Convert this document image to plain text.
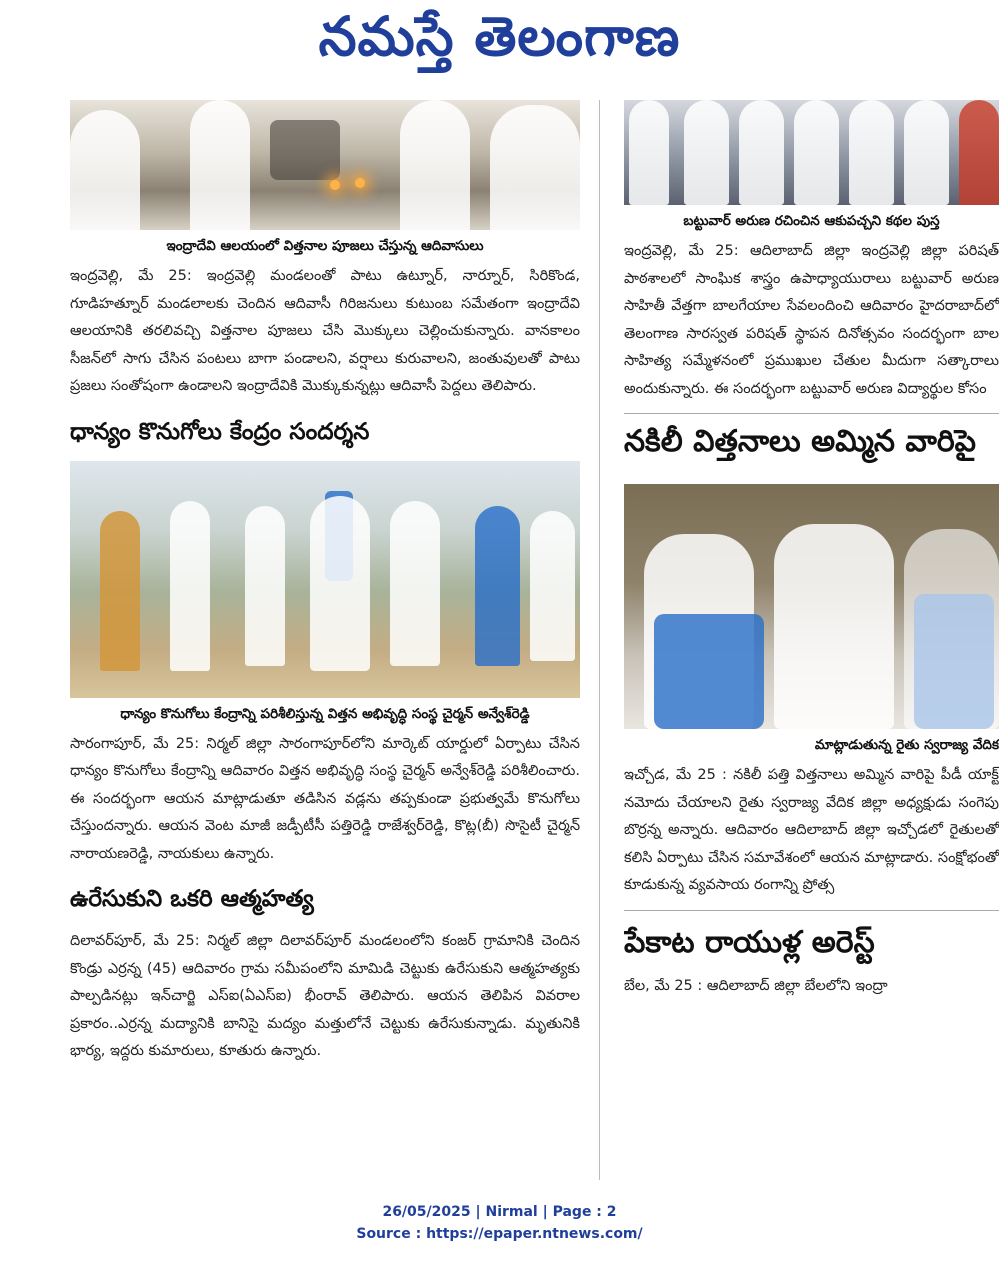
నమస్తే తెలంగాణ
ఇంద్రాదేవి ఆలయంలో విత్తనాల పూజలు చేస్తున్న ఆదివాసులు
ఇంద్రవెల్లి, మే 25: ఇంద్రవెల్లి మండలంతో పాటు ఉట్నూర్, నార్నూర్, సిరికొండ, గూడిహత్నూర్ మండలాలకు చెందిన ఆదివాసీ గిరిజనులు కుటుంబ సమేతంగా ఇంద్రాదేవి ఆలయానికి తరలివచ్చి విత్తనాల పూజలు చేసి మొక్కులు చెల్లించుకున్నారు. వానకాలం సీజన్‌లో సాగు చేసిన పంటలు బాగా పండాలని, వర్షాలు కురువాలని, జంతువులతో పాటు ప్రజలు సంతోషంగా ఉండాలని ఇంద్రాదేవికి మొక్కుకున్నట్లు ఆదివాసీ పెద్దలు తెలిపారు.
ధాన్యం కొనుగోలు కేంద్రం సందర్శన
ధాన్యం కొనుగోలు కేంద్రాన్ని పరిశీలిస్తున్న విత్తన అభివృద్ధి సంస్థ చైర్మన్ అన్వేశ్‌రెడ్డి
సారంగాపూర్, మే 25: నిర్మల్ జిల్లా సారంగాపూర్‌లోని మార్కెట్ యార్డులో ఏర్పాటు చేసిన ధాన్యం కొనుగోలు కేంద్రాన్ని ఆదివారం విత్తన అభివృద్ధి సంస్థ చైర్మన్ అన్వేశ్‌రెడ్డి పరిశీలించారు. ఈ సందర్భంగా ఆయన మాట్లాడుతూ తడిసిన వడ్లను తప్పకుండా ప్రభుత్వమే కొనుగోలు చేస్తుందన్నారు. ఆయన వెంట మాజీ జడ్పీటీసీ పత్తిరెడ్డి రాజేశ్వర్‌రెడ్డి, కొట్ల(బీ) సొసైటీ చైర్మన్ నారాయణరెడ్డి, నాయకులు ఉన్నారు.
ఉరేసుకుని ఒకరి ఆత్మహత్య
దిలావర్‌పూర్, మే 25: నిర్మల్ జిల్లా దిలావర్‌పూర్ మండలంలోని కంజర్ గ్రామానికి చెందిన కొండ్రు ఎర్రన్న (45) ఆదివారం గ్రామ సమీపంలోని మామిడి చెట్టుకు ఉరేసుకుని ఆత్మహత్యకు పాల్పడినట్లు ఇన్‌చార్జి ఎస్ఐ(ఏఎస్ఐ) భీంరావ్ తెలిపారు. ఆయన తెలిపిన వివరాల ప్రకారం..ఎర్రన్న మద్యానికి బానిసై మద్యం మత్తులోనే చెట్టుకు ఉరేసుకున్నాడు. మృతునికి భార్య, ఇద్దరు కుమారులు, కూతురు ఉన్నారు.
బట్టువార్ అరుణ రచించిన ఆకుపచ్చని కథల పుస్త
ఇంద్రవెల్లి, మే 25: ఆదిలాబాద్ జిల్లా ఇంద్రవెల్లి జిల్లా పరిషత్ పాఠశాలలో సాంఘిక శాస్త్రం ఉపాధ్యాయురాలు బట్టువార్ అరుణ సాహితీ వేత్తగా బాలగేయాల సేవలందించి ఆదివారం హైదరాబాద్‌లో తెలంగాణ సారస్వత పరిషత్ స్థాపన దినోత్సవం సందర్భంగా బాల సాహిత్య సమ్మేళనంలో ప్రముఖుల చేతుల మీదుగా సత్కారాలు అందుకున్నారు. ఈ సందర్భంగా బట్టువార్ అరుణ విద్యార్థుల కోసం
నకిలీ విత్తనాలు అమ్మిన వారిపై
మాట్లాడుతున్న రైతు స్వరాజ్య వేదిక
ఇచ్చోడ, మే 25 : నకిలీ పత్తి విత్తనాలు అమ్మిన వారిపై పీడీ యాక్ట్ నమోదు చేయాలని రైతు స్వరాజ్య వేదిక జిల్లా అధ్యక్షుడు సంగెపు బొర్రన్న అన్నారు. ఆదివారం ఆదిలాబాద్ జిల్లా ఇచ్చోడలో రైతులతో కలిసి ఏర్పాటు చేసిన సమావేశంలో ఆయన మాట్లాడారు. సంక్షోభంతో కూడుకున్న వ్యవసాయ రంగాన్ని ప్రోత్స
పేకాట రాయుళ్ల అరెస్ట్
బేల, మే 25 : ఆదిలాబాద్ జిల్లా బేలలోని ఇంద్రా
26/05/2025 | Nirmal | Page : 2
Source : https://epaper.ntnews.com/
